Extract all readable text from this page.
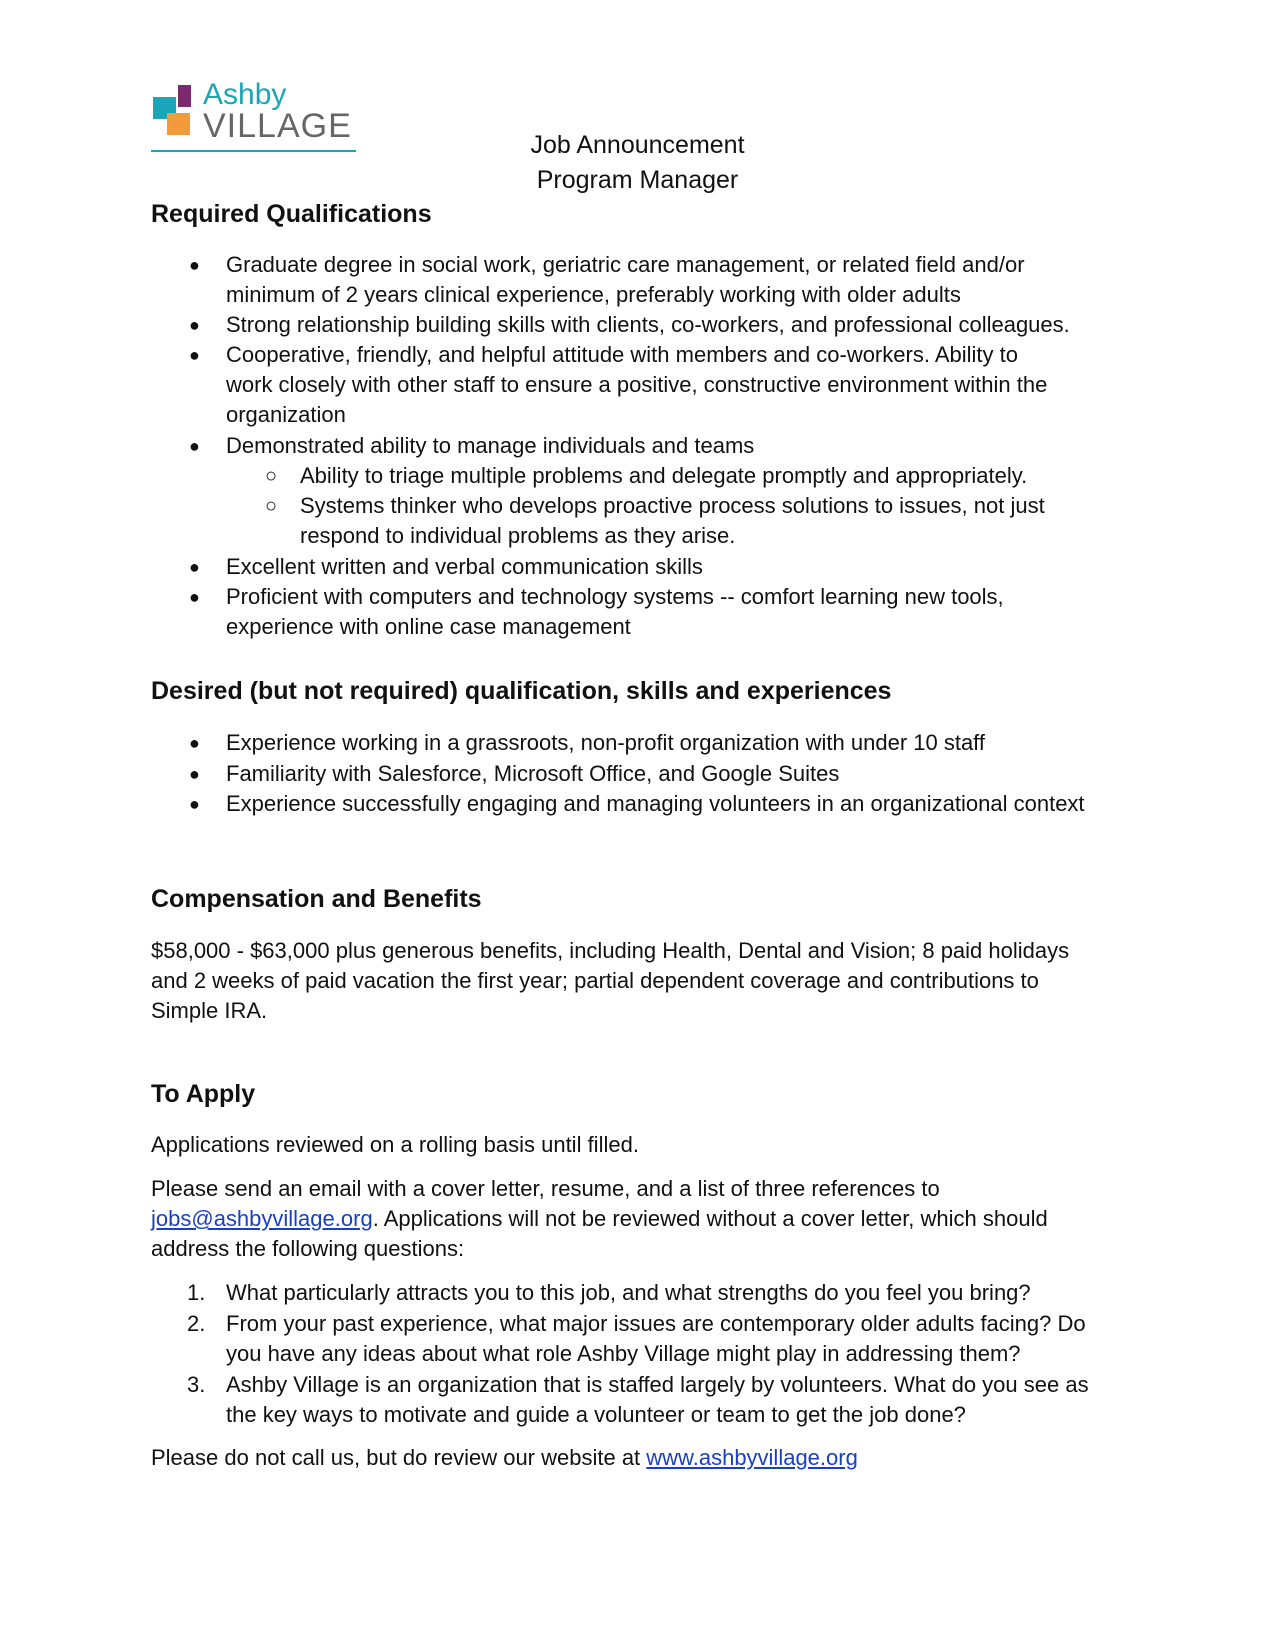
Ashby
VILLAGE	Job Announcement
Program Manager
Required Qualifications
● Graduate degree in social work, geriatric care management, or related field and/or
minimum of 2 years clinical experience, preferably working with older adults
● Strong relationship building skills with clients, co-workers, and professional colleagues.
● Cooperative, friendly, and helpful attitude with members and co-workers. Ability to
work closely with other staff to ensure a positive, constructive environment within the
organization
● Demonstrated ability to manage individuals and teams
○ Ability to triage multiple problems and delegate promptly and appropriately.
○ Systems thinker who develops proactive process solutions to issues, not just
respond to individual problems as they arise.
● Excellent written and verbal communication skills
● Proficient with computers and technology systems -- comfort learning new tools,
experience with online case management
Desired (but not required) qualification, skills and experiences
● Experience working in a grassroots, non-profit organization with under 10 staff
● Familiarity with Salesforce, Microsoft Office, and Google Suites
● Experience successfully engaging and managing volunteers in an organizational context
Compensation and Benefits
$58,000 - $63,000 plus generous benefits, including Health, Dental and Vision; 8 paid holidays
and 2 weeks of paid vacation the first year; partial dependent coverage and contributions to
Simple IRA.
To Apply
Applications reviewed on a rolling basis until filled.
Please send an email with a cover letter, resume, and a list of three references to
jobs@ashbyvillage.org. Applications will not be reviewed without a cover letter, which should
address the following questions:
1. What particularly attracts you to this job, and what strengths do you feel you bring?
2. From your past experience, what major issues are contemporary older adults facing? Do
you have any ideas about what role Ashby Village might play in addressing them?
3. Ashby Village is an organization that is staffed largely by volunteers. What do you see as
the key ways to motivate and guide a volunteer or team to get the job done?
Please do not call us, but do review our website at www.ashbyvillage.org
